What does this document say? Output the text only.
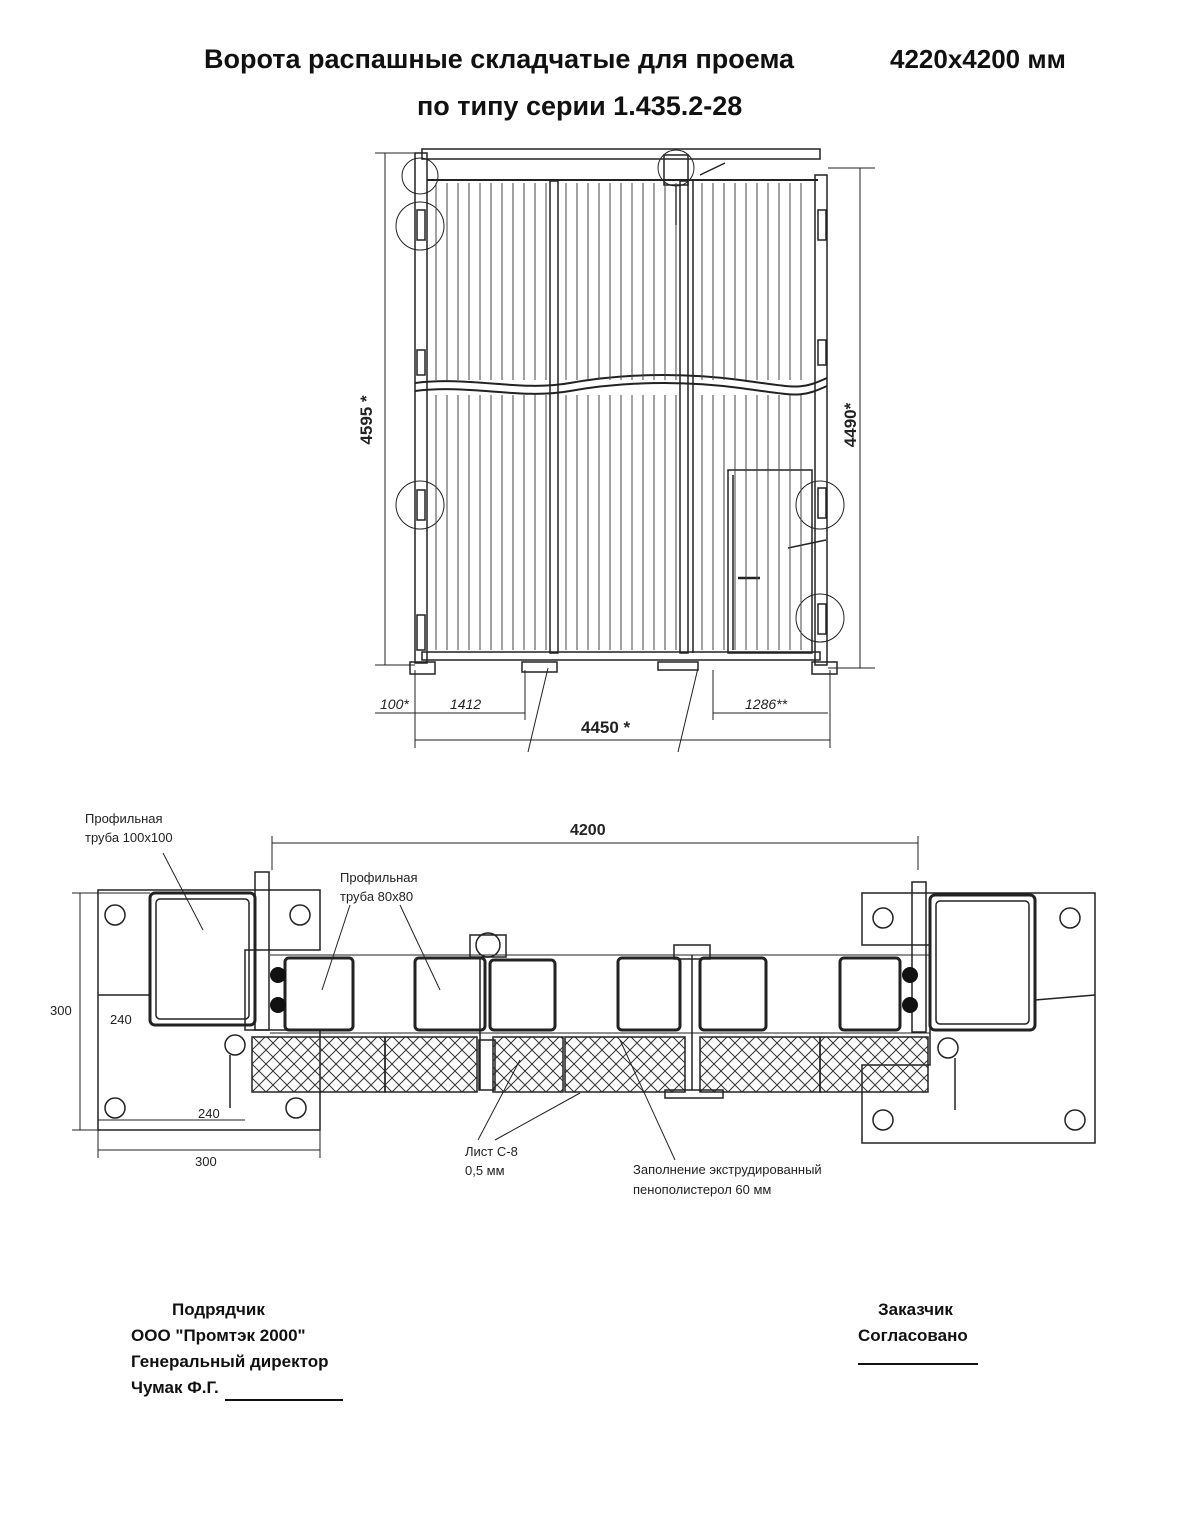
Ворота распашные складчатые для проема	4220х4200 мм
по типу серии 1.435.2-28
4595 *	4490*
100*	1412	1286**
4450 *
4200
300
240
240
300
Профильная
труба 100х100
Профильная
труба 80х80
Лист С-8
0,5 мм	Заполнение экструдированный
пенополистерол 60 мм
Подрядчик
ООО "Промтэк 2000"
Генеральный директор
Чумак Ф.Г.
Заказчик
Согласовано
